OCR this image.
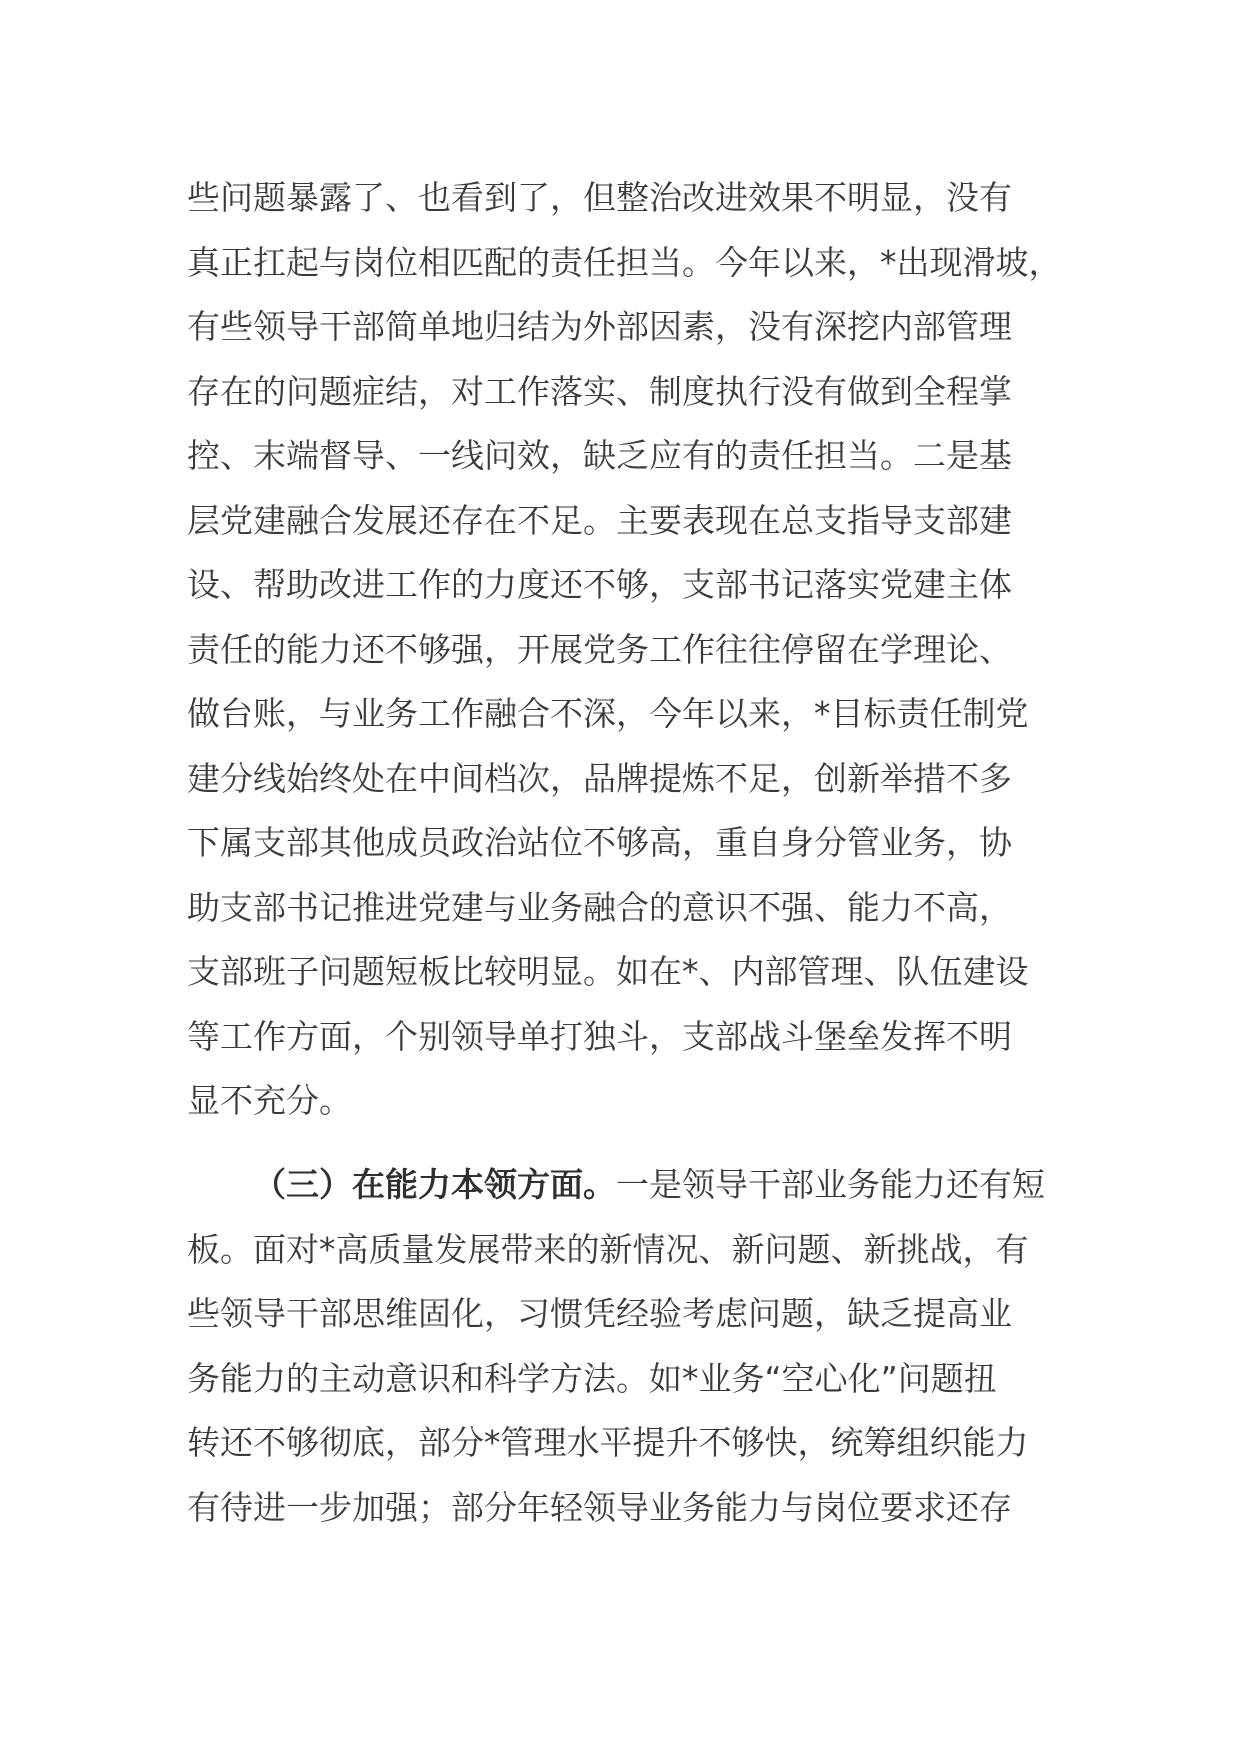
些问题暴露了、也看到了，但整治改进效果不明显，没有
真正扛起与岗位相匹配的责任担当。今年以来，*出现滑坡，
有些领导干部简单地归结为外部因素，没有深挖内部管理
存在的问题症结，对工作落实、制度执行没有做到全程掌
控、末端督导、一线问效，缺乏应有的责任担当。二是基
层党建融合发展还存在不足。主要表现在总支指导支部建
设、帮助改进工作的力度还不够，支部书记落实党建主体
责任的能力还不够强，开展党务工作往往停留在学理论、
做台账，与业务工作融合不深，今年以来，*目标责任制党
建分线始终处在中间档次，品牌提炼不足，创新举措不多
下属支部其他成员政治站位不够高，重自身分管业务，协
助支部书记推进党建与业务融合的意识不强、能力不高，
支部班子问题短板比较明显。如在*、内部管理、队伍建设
等工作方面，个别领导单打独斗，支部战斗堡垒发挥不明
显不充分。
（三）在能力本领方面。一是领导干部业务能力还有短
板。面对*高质量发展带来的新情况、新问题、新挑战，有
些领导干部思维固化，习惯凭经验考虑问题，缺乏提高业
务能力的主动意识和科学方法。如*业务“空心化”问题扭
转还不够彻底，部分*管理水平提升不够快，统筹组织能力
有待进一步加强；部分年轻领导业务能力与岗位要求还存
